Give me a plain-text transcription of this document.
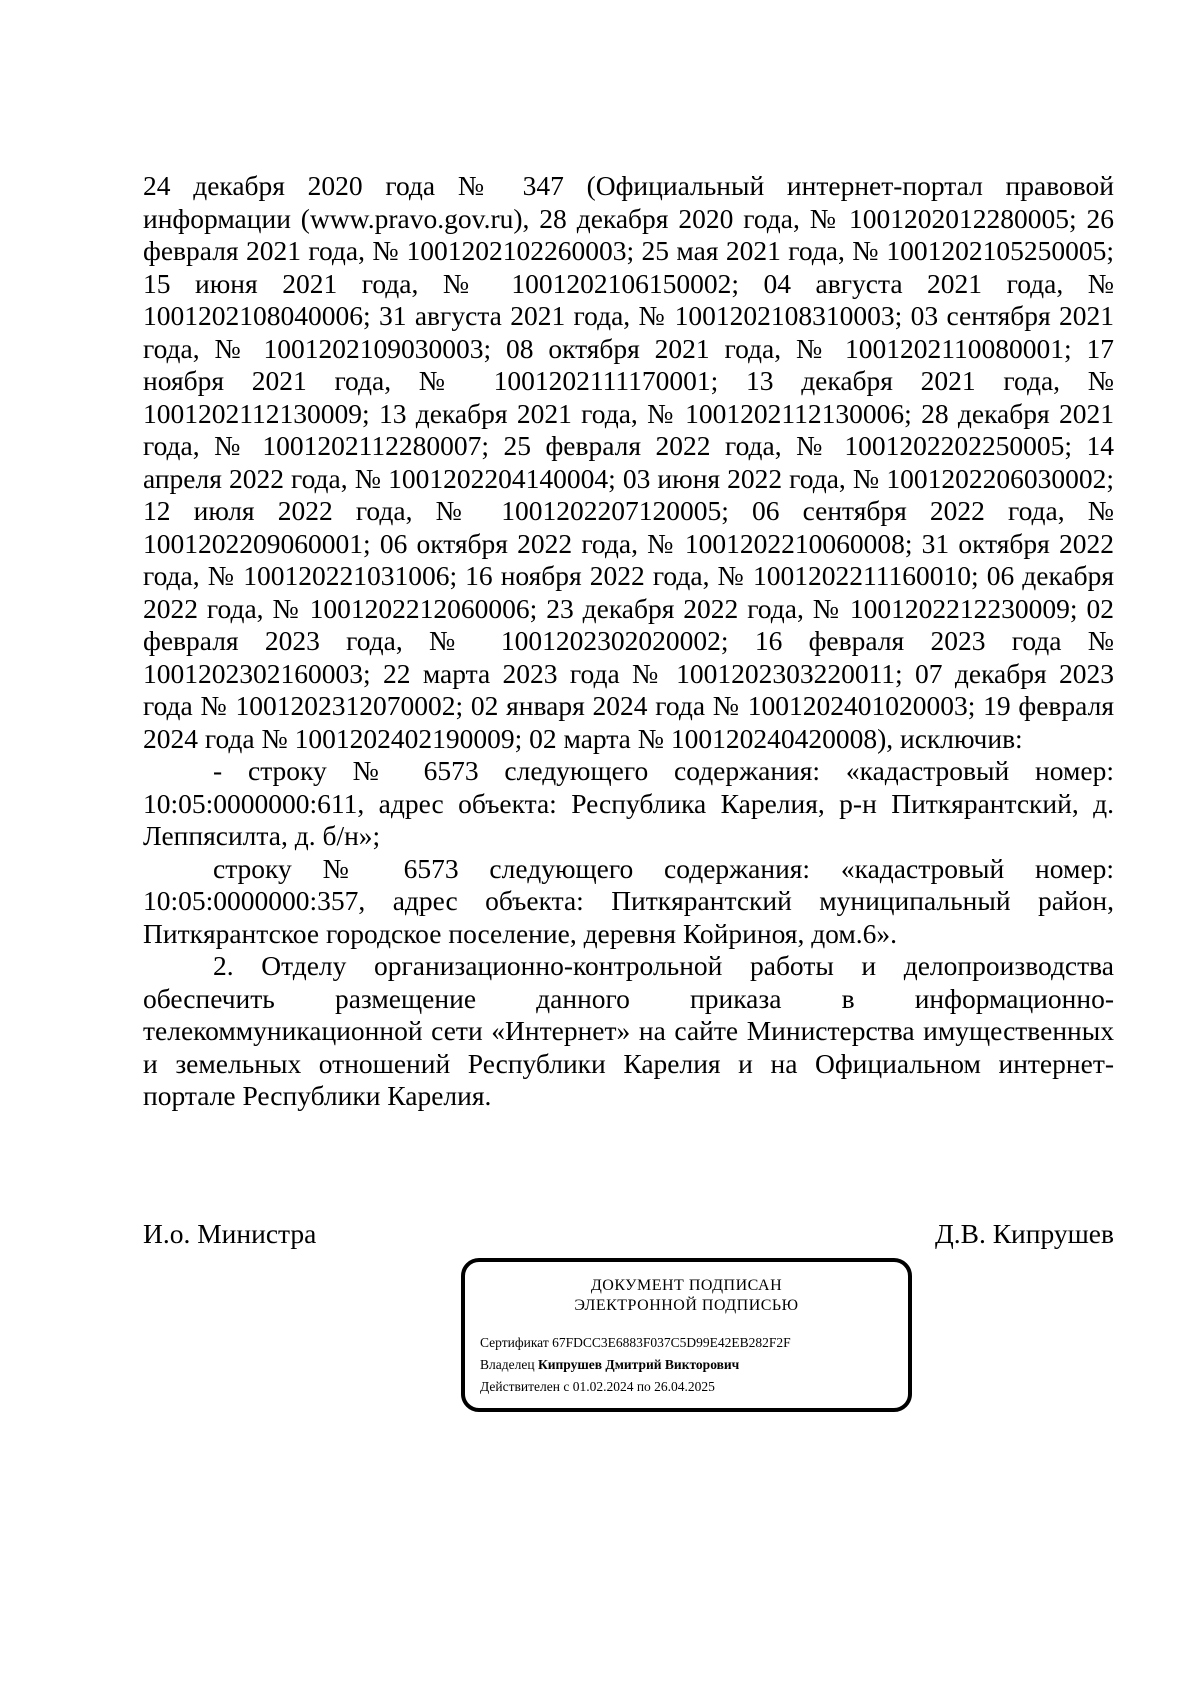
24 декабря 2020 года № 347 (Официальный интернет-портал правовой информации (www.pravo.gov.ru), 28 декабря 2020 года, № 1001202012280005; 26 февраля 2021 года, № 1001202102260003; 25 мая 2021 года, № 1001202105250005; 15 июня 2021 года, № 1001202106150002; 04 августа 2021 года, № 1001202108040006; 31 августа 2021 года, № 1001202108310003; 03 сентября 2021 года, № 1001202109030003; 08 октября 2021 года, № 1001202110080001; 17 ноября 2021 года, № 1001202111170001; 13 декабря 2021 года, № 1001202112130009; 13 декабря 2021 года, № 1001202112130006; 28 декабря 2021 года, № 1001202112280007; 25 февраля 2022 года, № 1001202202250005; 14 апреля 2022 года, № 1001202204140004; 03 июня 2022 года, № 1001202206030002; 12 июля 2022 года, № 1001202207120005; 06 сентября 2022 года, № 1001202209060001; 06 октября 2022 года, № 1001202210060008; 31 октября 2022 года, № 100120221031006; 16 ноября 2022 года, № 1001202211160010; 06 декабря 2022 года, № 1001202212060006; 23 декабря 2022 года, № 1001202212230009; 02 февраля 2023 года, № 1001202302020002; 16 февраля 2023 года № 1001202302160003; 22 марта 2023 года № 1001202303220011; 07 декабря 2023 года № 1001202312070002; 02 января 2024 года № 1001202401020003; 19 февраля 2024 года № 1001202402190009; 02 марта № 100120240420008), исключив:

- строку № 6573 следующего содержания: «кадастровый номер: 10:05:0000000:611, адрес объекта: Республика Карелия, р-н Питкярантский, д. Леппясилта, д. б/н»;

строку № 6573 следующего содержания: «кадастровый номер: 10:05:0000000:357, адрес объекта: Питкярантский муниципальный район, Питкярантское городское поселение, деревня Койриноя, дом.6».

2. Отделу организационно-контрольной работы и делопроизводства обеспечить размещение данного приказа в информационно-телекоммуникационной сети «Интернет» на сайте Министерства имущественных и земельных отношений Республики Карелия и на Официальном интернет-портале Республики Карелия.

И.о. Министра	Д.В. Кипрушев
ДОКУМЕНТ ПОДПИСАН
ЭЛЕКТРОННОЙ ПОДПИСЬЮ
Сертификат 67FDCC3E6883F037C5D99E42EB282F2F
Владелец Кипрушев Дмитрий Викторович
Действителен с 01.02.2024 по 26.04.2025
